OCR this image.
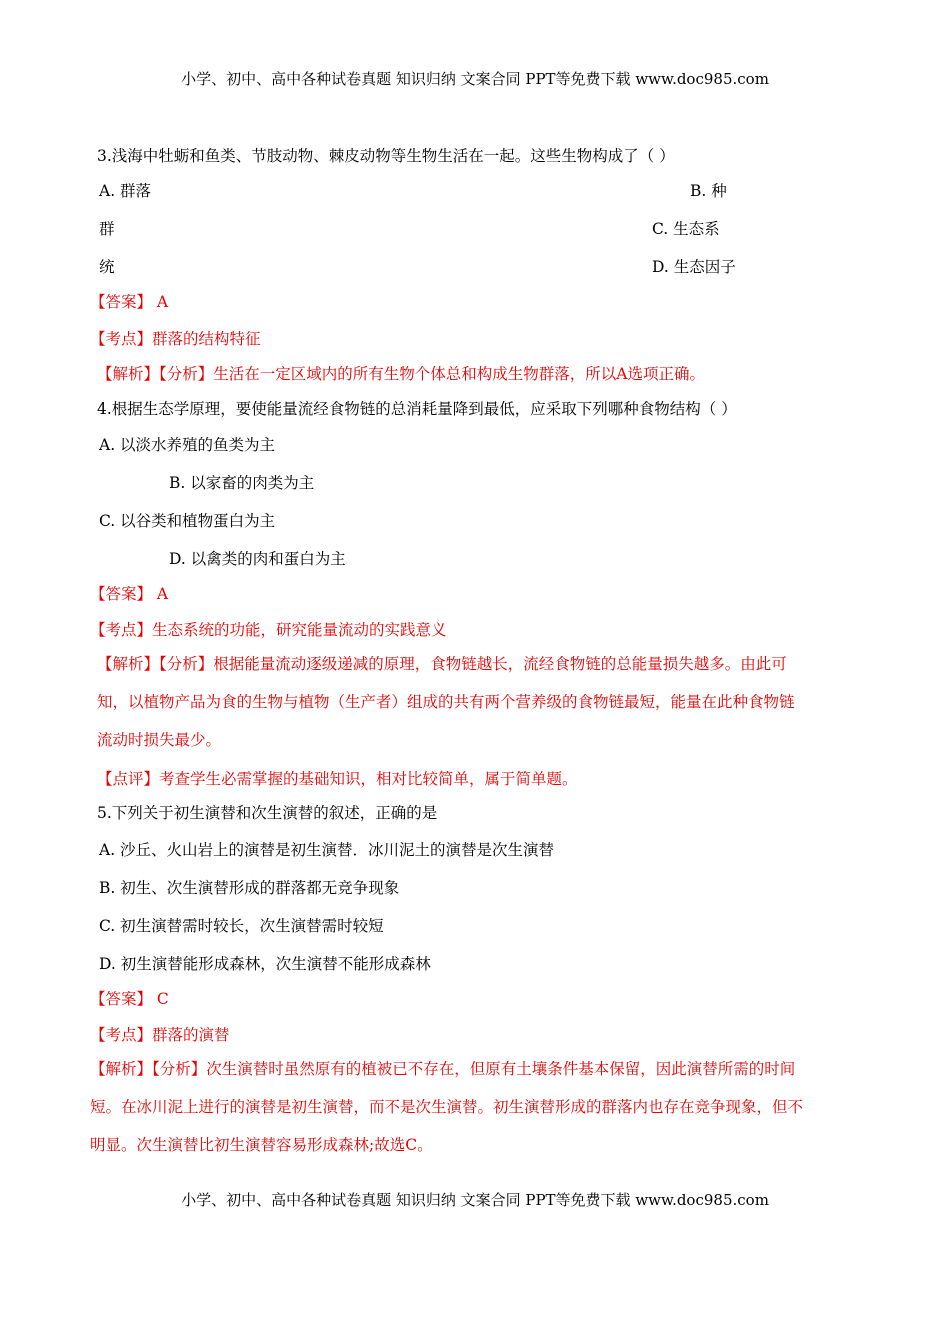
小学、初中、高中各种试卷真题 知识归纳 文案合同 PPT等免费下载 www.doc985.com
3.浅海中牡蛎和鱼类、节肢动物、棘皮动物等生物生活在一起。这些生物构成了（ ）
A. 群落	B. 种
群	C. 生态系
统	D. 生态因子
【答案】 A
【考点】群落的结构特征
【解析】【分析】生活在一定区域内的所有生物个体总和构成生物群落，所以A选项正确。
4.根据生态学原理，要使能量流经食物链的总消耗量降到最低，应采取下列哪种食物结构（ ）
A. 以淡水养殖的鱼类为主
B. 以家畜的肉类为主
C. 以谷类和植物蛋白为主
D. 以禽类的肉和蛋白为主
【答案】 A
【考点】生态系统的功能，研究能量流动的实践意义
【解析】【分析】根据能量流动逐级递减的原理，食物链越长，流经食物链的总能量损失越多。由此可
知，以植物产品为食的生物与植物（生产者）组成的共有两个营养级的食物链最短，能量在此种食物链
流动时损失最少。
【点评】考查学生必需掌握的基础知识，相对比较简单，属于简单题。
5.下列关于初生演替和次生演替的叙述，正确的是
A. 沙丘、火山岩上的演替是初生演替．冰川泥土的演替是次生演替
B. 初生、次生演替形成的群落都无竞争现象
C. 初生演替需时较长，次生演替需时较短
D. 初生演替能形成森林，次生演替不能形成森林
【答案】 C
【考点】群落的演替
【解析】【分析】次生演替时虽然原有的植被已不存在，但原有土壤条件基本保留，因此演替所需的时间
短。在冰川泥上进行的演替是初生演替，而不是次生演替。初生演替形成的群落内也存在竞争现象，但不
明显。次生演替比初生演替容易形成森林;故选C。
小学、初中、高中各种试卷真题 知识归纳 文案合同 PPT等免费下载 www.doc985.com
